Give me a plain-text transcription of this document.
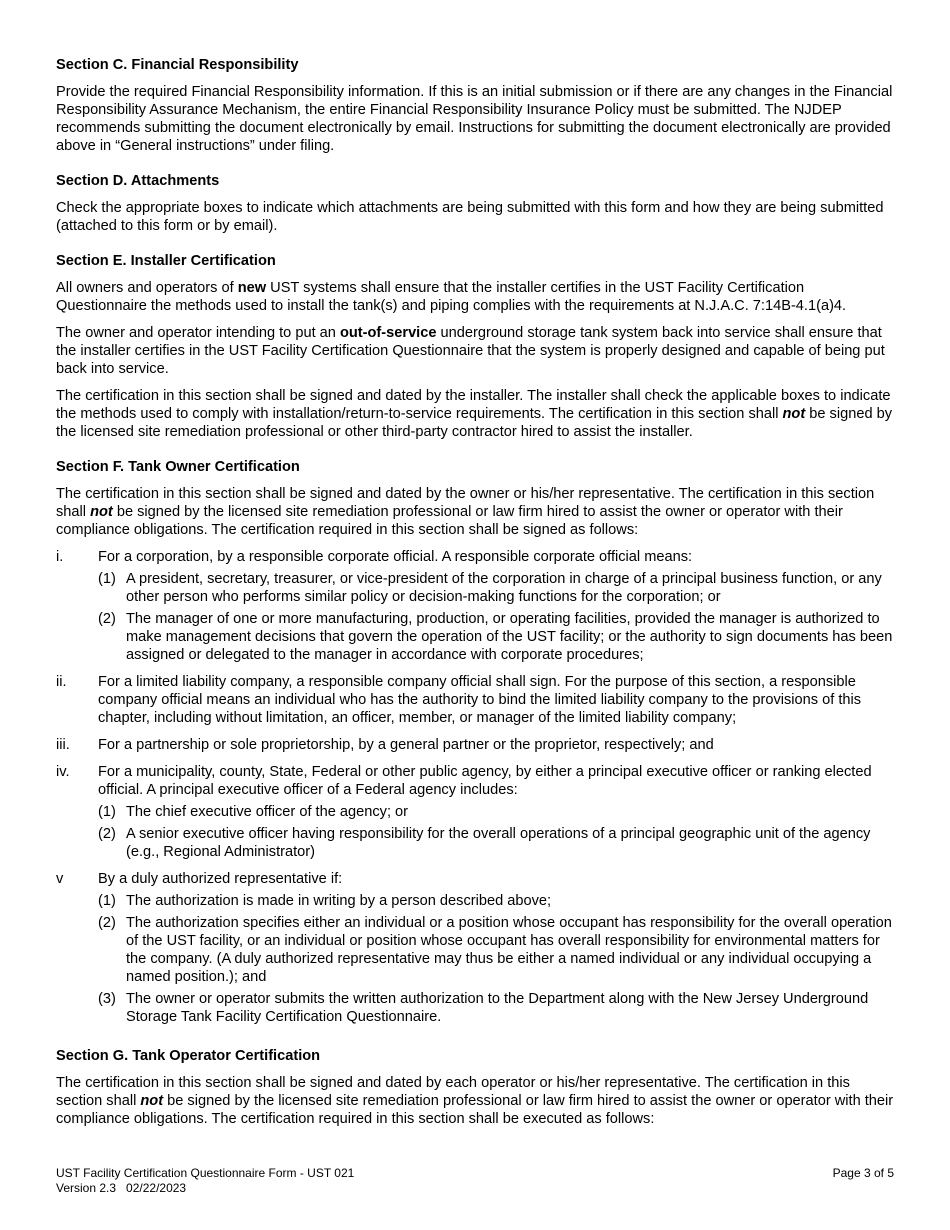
Section C. Financial Responsibility

Provide the required Financial Responsibility information. If this is an initial submission or if there are any changes in the Financial Responsibility Assurance Mechanism, the entire Financial Responsibility Insurance Policy must be submitted. The NJDEP recommends submitting the document electronically by email. Instructions for submitting the document electronically are provided above in “General instructions” under filing.

Section D. Attachments

Check the appropriate boxes to indicate which attachments are being submitted with this form and how they are being submitted (attached to this form or by email).

Section E. Installer Certification

All owners and operators of new UST systems shall ensure that the installer certifies in the UST Facility Certification Questionnaire the methods used to install the tank(s) and piping complies with the requirements at N.J.A.C. 7:14B-4.1(a)4.

The owner and operator intending to put an out-of-service underground storage tank system back into service shall ensure that the installer certifies in the UST Facility Certification Questionnaire that the system is properly designed and capable of being put back into service.

The certification in this section shall be signed and dated by the installer. The installer shall check the applicable boxes to indicate the methods used to comply with installation/return-to-service requirements. The certification in this section shall not be signed by the licensed site remediation professional or other third-party contractor hired to assist the installer.

Section F. Tank Owner Certification

The certification in this section shall be signed and dated by the owner or his/her representative. The certification in this section shall not be signed by the licensed site remediation professional or law firm hired to assist the owner or operator with their compliance obligations. The certification required in this section shall be signed as follows:

i.	For a corporation, by a responsible corporate official. A responsible corporate official means:
(1) A president, secretary, treasurer, or vice-president of the corporation in charge of a principal business function, or any other person who performs similar policy or decision-making functions for the corporation; or
(2) The manager of one or more manufacturing, production, or operating facilities, provided the manager is authorized to make management decisions that govern the operation of the UST facility; or the authority to sign documents has been assigned or delegated to the manager in accordance with corporate procedures;
ii.	For a limited liability company, a responsible company official shall sign. For the purpose of this section, a responsible company official means an individual who has the authority to bind the limited liability company to the provisions of this chapter, including without limitation, an officer, member, or manager of the limited liability company;
iii.	For a partnership or sole proprietorship, by a general partner or the proprietor, respectively; and
iv.	For a municipality, county, State, Federal or other public agency, by either a principal executive officer or ranking elected official. A principal executive officer of a Federal agency includes:
(1) The chief executive officer of the agency; or
(2) A senior executive officer having responsibility for the overall operations of a principal geographic unit of the agency (e.g., Regional Administrator)
v	By a duly authorized representative if:
(1) The authorization is made in writing by a person described above;
(2) The authorization specifies either an individual or a position whose occupant has responsibility for the overall operation of the UST facility, or an individual or position whose occupant has overall responsibility for environmental matters for the company. (A duly authorized representative may thus be either a named individual or any individual occupying a named position.); and
(3) The owner or operator submits the written authorization to the Department along with the New Jersey Underground Storage Tank Facility Certification Questionnaire.
Section G. Tank Operator Certification

The certification in this section shall be signed and dated by each operator or his/her representative. The certification in this section shall not be signed by the licensed site remediation professional or law firm hired to assist the owner or operator with their compliance obligations. The certification required in this section shall be executed as follows:

UST Facility Certification Questionnaire Form - UST 021
Version 2.3   02/22/2023
Page 3 of 5
